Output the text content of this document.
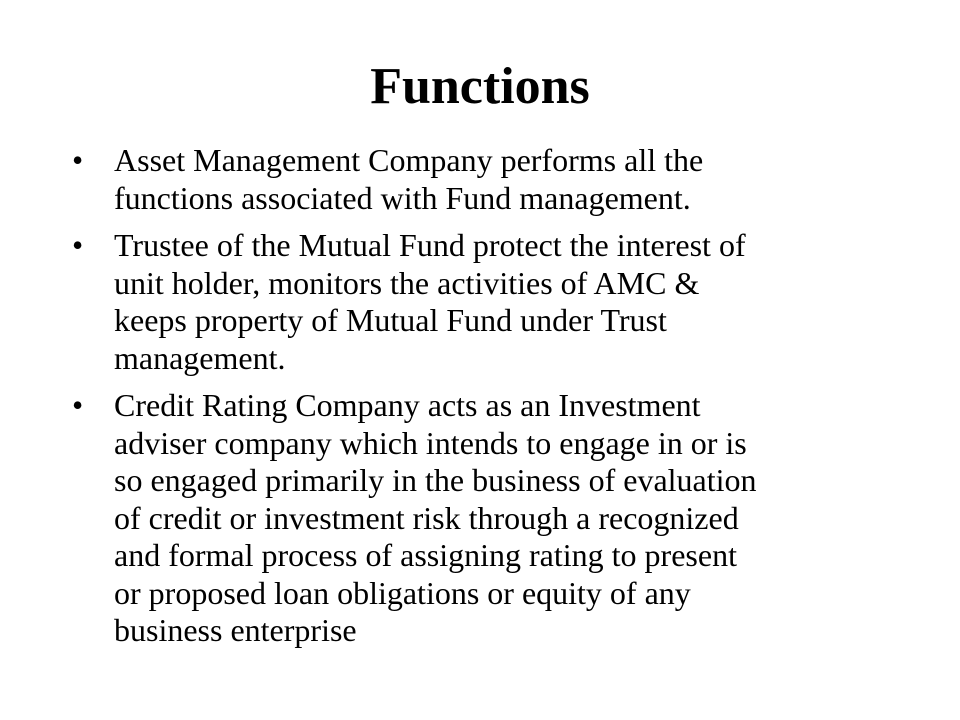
Functions
• Asset Management Company performs all the
functions associated with Fund management.
• Trustee of the Mutual Fund protect the interest of
unit holder, monitors the activities of AMC &
keeps property of Mutual Fund under Trust
management.
• Credit Rating Company acts as an Investment
adviser company which intends to engage in or is
so engaged primarily in the business of evaluation
of credit or investment risk through a recognized
and formal process of assigning rating to present
or proposed loan obligations or equity of any
business enterprise
